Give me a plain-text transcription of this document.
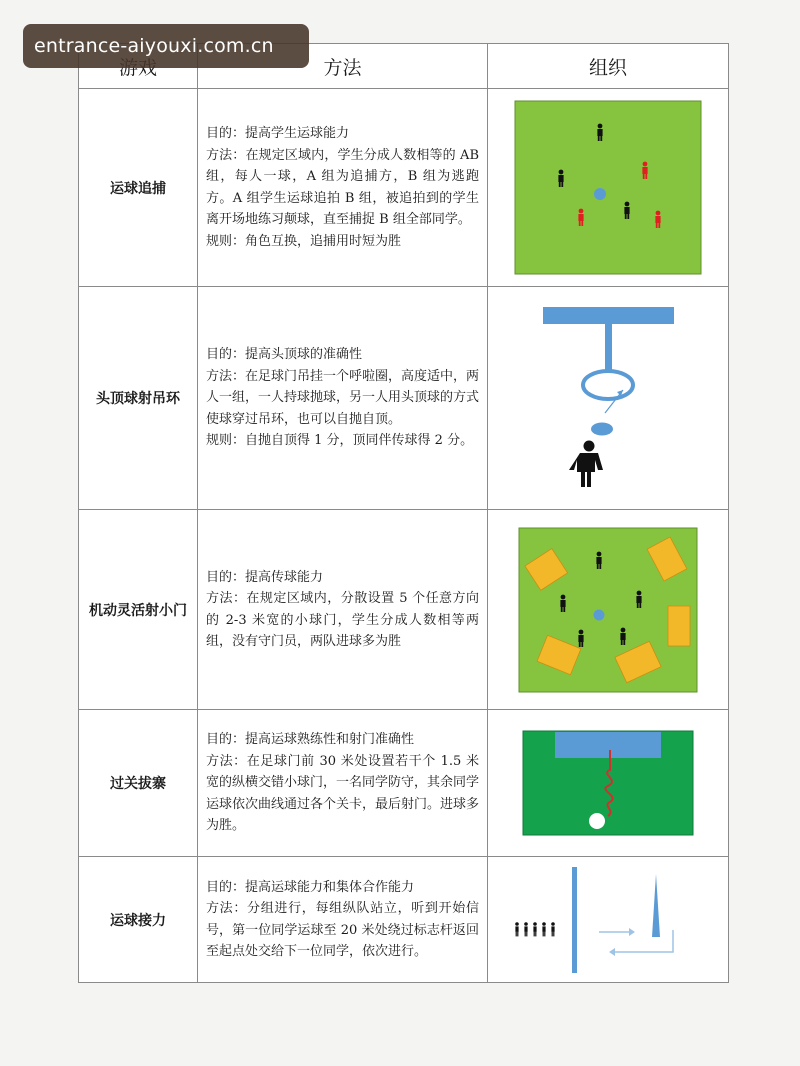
entrance-aiyouxi.com.cn
	方法	组织
运球追捕	目的：提高学生运球能力

方法：在规定区域内，学生分成人数相等的 AB 组，每人一球，A 组为追捕方，B 组为逃跑方。A 组学生运球追拍 B 组，被追拍到的学生离开场地练习颠球，直至捕捉 B 组全部同学。

规则：角色互换，追捕用时短为胜

头顶球射吊环	目的：提高头顶球的准确性

方法：在足球门吊挂一个呼啦圈，高度适中，两人一组，一人持球抛球，另一人用头顶球的方式使球穿过吊环，也可以自抛自顶。

规则：自抛自顶得 1 分，顶同伴传球得 2 分。

机动灵活射小门	目的：提高传球能力

方法：在规定区域内，分散设置 5 个任意方向的 2-3 米宽的小球门，学生分成人数相等两组，没有守门员，两队进球多为胜

过关拔寨	目的：提高运球熟练性和射门准确性

方法：在足球门前 30 米处设置若干个 1.5 米宽的纵横交错小球门，一名同学防守，其余同学运球依次曲线通过各个关卡，最后射门。进球多为胜。

运球接力	目的：提高运球能力和集体合作能力

方法：分组进行，每组纵队站立，听到开始信号，第一位同学运球至 20 米处绕过标志杆返回至起点处交给下一位同学，依次进行。
